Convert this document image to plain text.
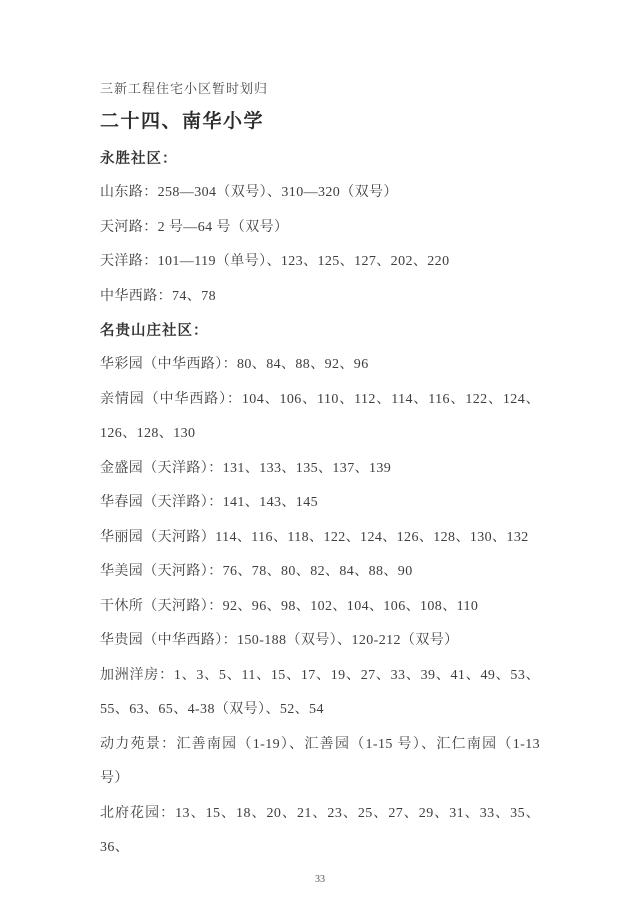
三新工程住宅小区暂时划归

二十四、南华小学
永胜社区：

山东路：258—304（双号）、310—320（双号）

天河路：2 号—64 号（双号）

天洋路：101—119（单号）、123、125、127、202、220

中华西路：74、78

名贵山庄社区：

华彩园（中华西路）：80、84、88、92、96

亲情园（中华西路）：104、106、110、112、114、116、122、124、126、128、130

金盛园（天洋路）：131、133、135、137、139

华春园（天洋路）：141、143、145

华丽园（天河路）114、116、118、122、124、126、128、130、132

华美园（天河路）：76、78、80、82、84、88、90

干休所（天河路）：92、96、98、102、104、106、108、110

华贵园（中华西路）：150-188（双号）、120-212（双号）

加洲洋房：1、3、5、11、15、17、19、27、33、39、41、49、53、55、63、65、4-38（双号）、52、54

动力苑景：汇善南园（1-19）、汇善园（1-15 号）、汇仁南园（1-13 号）

北府花园：13、15、18、20、21、23、25、27、29、31、33、35、36、

33
